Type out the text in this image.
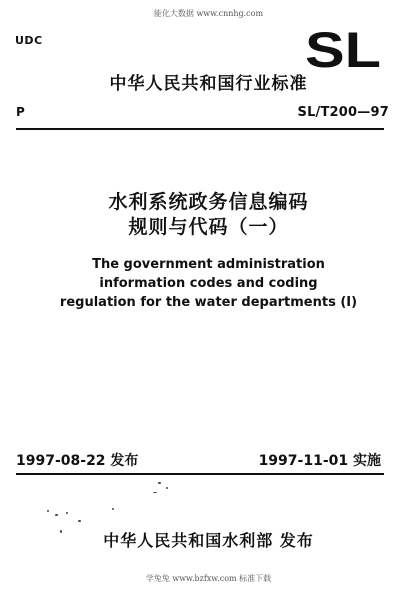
能化大数据 www.cnnhg.com
UDC	SL
中华人民共和国行业标准
P	SL/T200—97
水利系统政务信息编码
规则与代码（一）
The government administration
information codes and coding
regulation for the water departments (I)
1997-08-22 发布	1997-11-01 实施
中华人民共和国水利部 发布
学兔兔 www.bzfxw.com 标准下载
